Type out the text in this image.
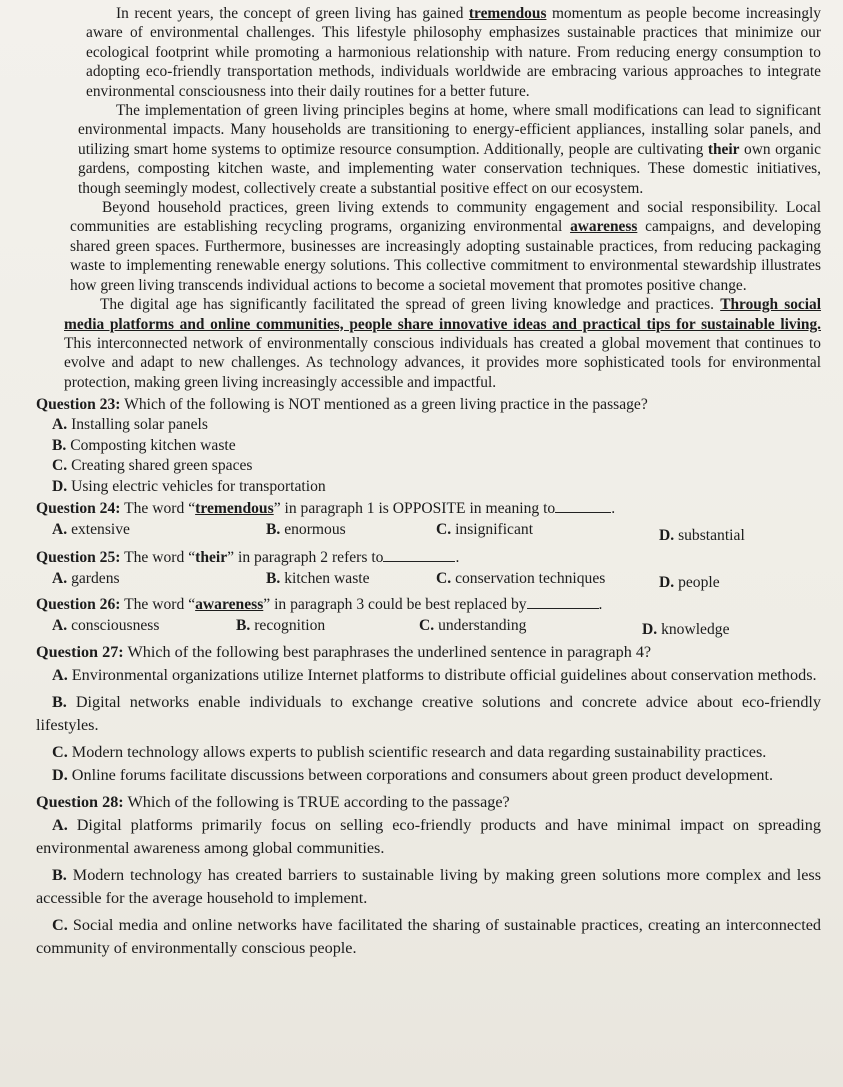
In recent years, the concept of green living has gained tremendous momentum as people become increasingly aware of environmental challenges. This lifestyle philosophy emphasizes sustainable practices that minimize our ecological footprint while promoting a harmonious relationship with nature. From reducing energy consumption to adopting eco-friendly transportation methods, individuals worldwide are embracing various approaches to integrate environmental consciousness into their daily routines for a better future.

The implementation of green living principles begins at home, where small modifications can lead to significant environmental impacts. Many households are transitioning to energy-efficient appliances, installing solar panels, and utilizing smart home systems to optimize resource consumption. Additionally, people are cultivating their own organic gardens, composting kitchen waste, and implementing water conservation techniques. These domestic initiatives, though seemingly modest, collectively create a substantial positive effect on our ecosystem.

Beyond household practices, green living extends to community engagement and social responsibility. Local communities are establishing recycling programs, organizing environmental awareness campaigns, and developing shared green spaces. Furthermore, businesses are increasingly adopting sustainable practices, from reducing packaging waste to implementing renewable energy solutions. This collective commitment to environmental stewardship illustrates how green living transcends individual actions to become a societal movement that promotes positive change.

The digital age has significantly facilitated the spread of green living knowledge and practices. Through social media platforms and online communities, people share innovative ideas and practical tips for sustainable living. This interconnected network of environmentally conscious individuals has created a global movement that continues to evolve and adapt to new challenges. As technology advances, it provides more sophisticated tools for environmental protection, making green living increasingly accessible and impactful.

Question 23: Which of the following is NOT mentioned as a green living practice in the passage?

A. Installing solar panels
B. Composting kitchen waste
C. Creating shared green spaces
D. Using electric vehicles for transportation

Question 24: The word “tremendous” in paragraph 1 is OPPOSITE in meaning to	.

A. extensive	B. enormous	C. insignificant	D. substantial

Question 25: The word “their” in paragraph 2 refers to	.

A. gardens	B. kitchen waste	C. conservation techniques	D. people

Question 26: The word “awareness” in paragraph 3 could be best replaced by	.

A. consciousness	B. recognition	C. understanding	D. knowledge

Question 27: Which of the following best paraphrases the underlined sentence in paragraph 4?

A. Environmental organizations utilize Internet platforms to distribute official guidelines about conservation methods.

B. Digital networks enable individuals to exchange creative solutions and concrete advice about eco-friendly lifestyles.

C. Modern technology allows experts to publish scientific research and data regarding sustainability practices.

D. Online forums facilitate discussions between corporations and consumers about green product development.

Question 28: Which of the following is TRUE according to the passage?

A. Digital platforms primarily focus on selling eco-friendly products and have minimal impact on spreading environmental awareness among global communities.

B. Modern technology has created barriers to sustainable living by making green solutions more complex and less accessible for the average household to implement.

C. Social media and online networks have facilitated the sharing of sustainable practices, creating an interconnected community of environmentally conscious people.
